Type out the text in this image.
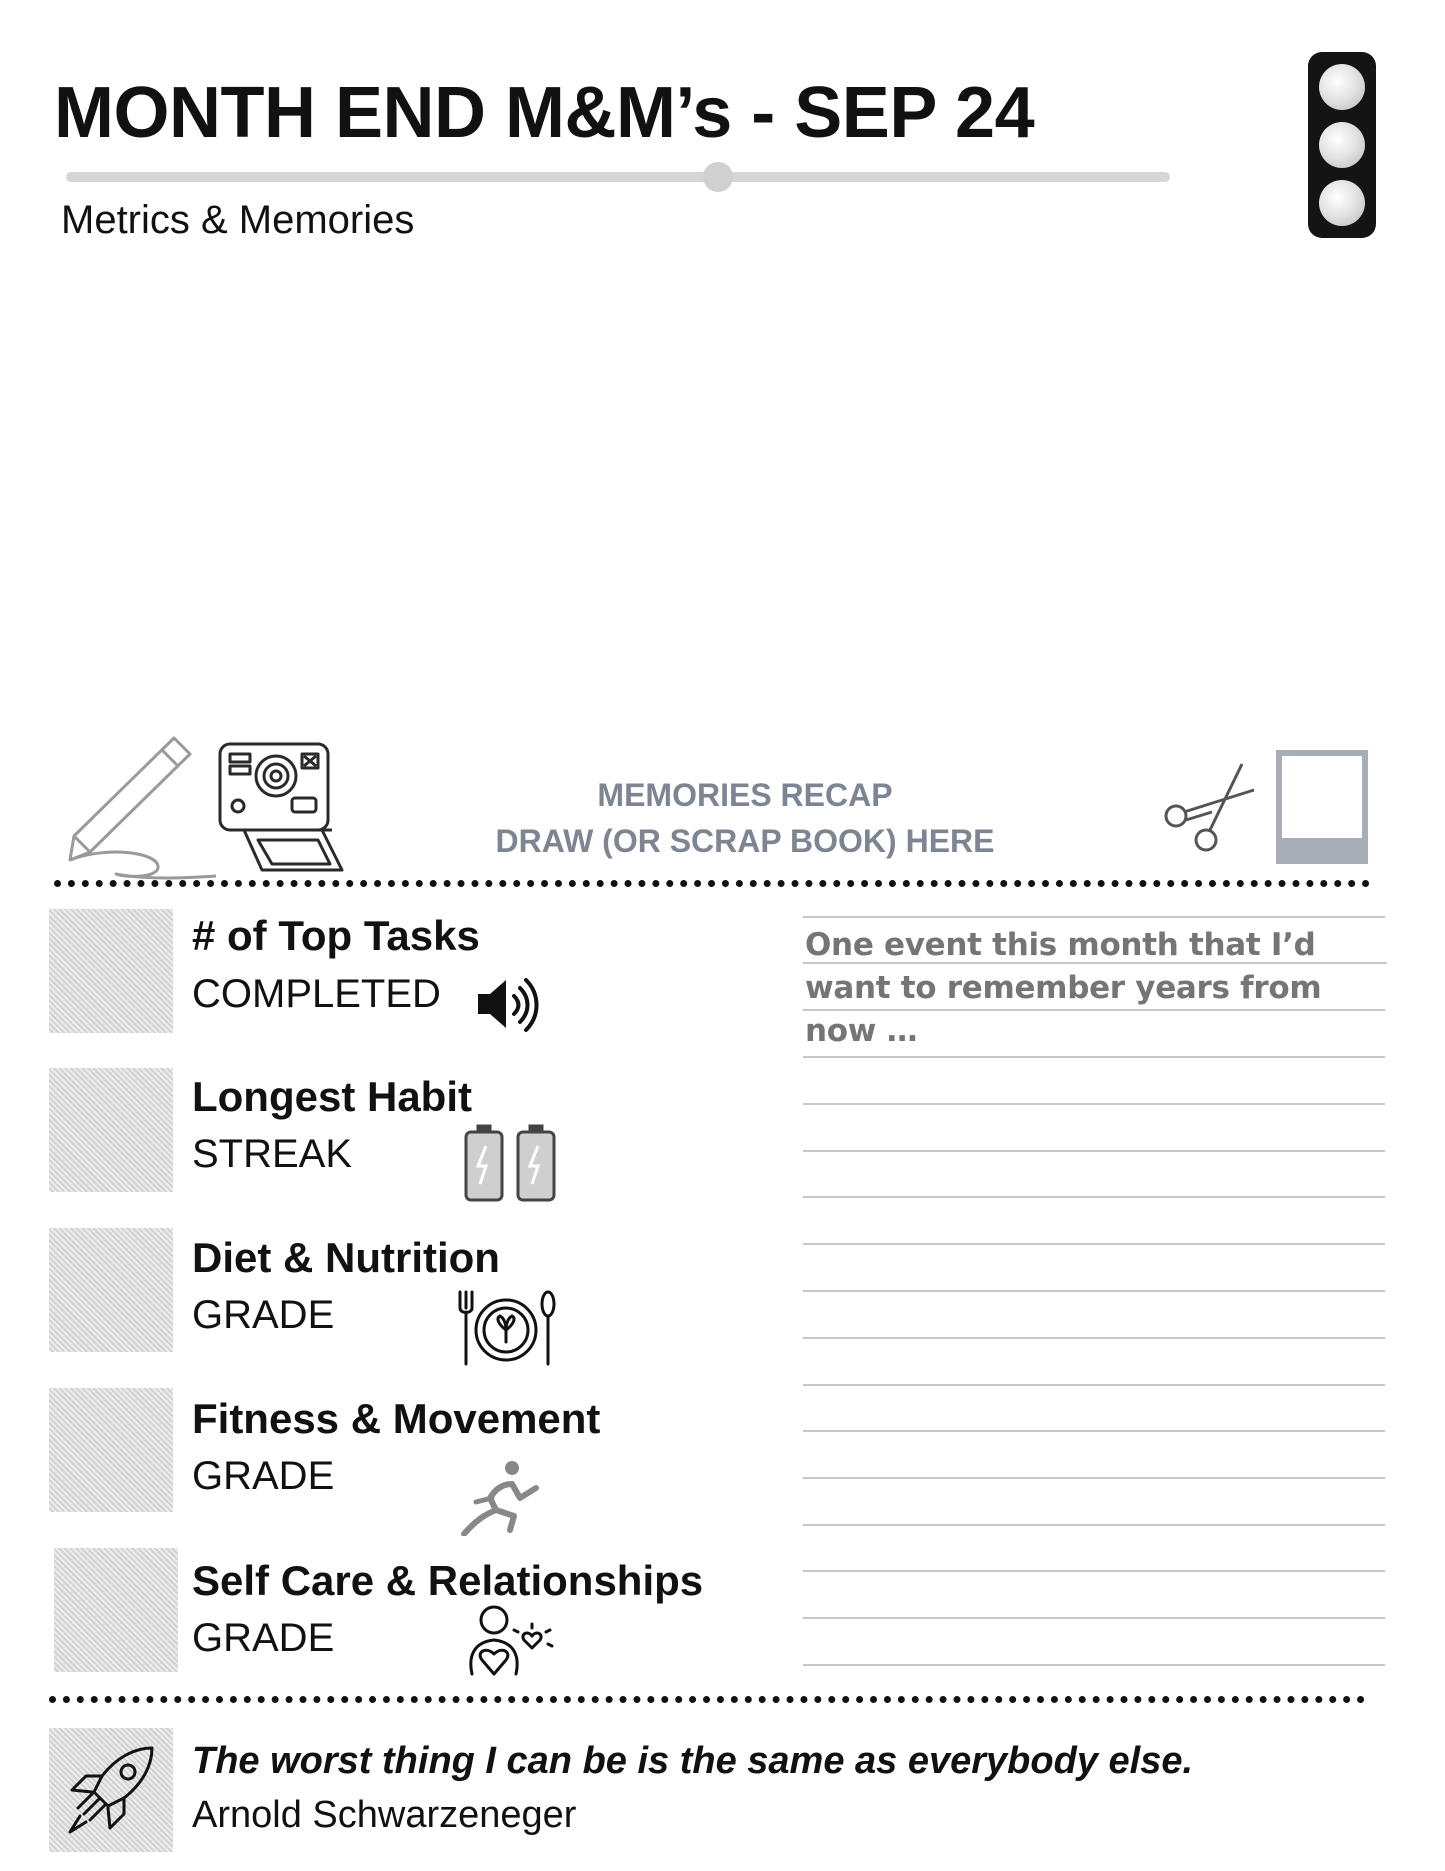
MONTH END M&M’s - SEP 24
Metrics & Memories
MEMORIES RECAP
DRAW (OR SCRAP BOOK) HERE
# of Top Tasks
COMPLETED
Longest Habit
STREAK
Diet & Nutrition
GRADE
Fitness & Movement
GRADE
Self Care & Relationships
GRADE
One event this month that I’d want to remember years from now …
The worst thing I can be is the same as everybody else.
Arnold Schwarzeneger
